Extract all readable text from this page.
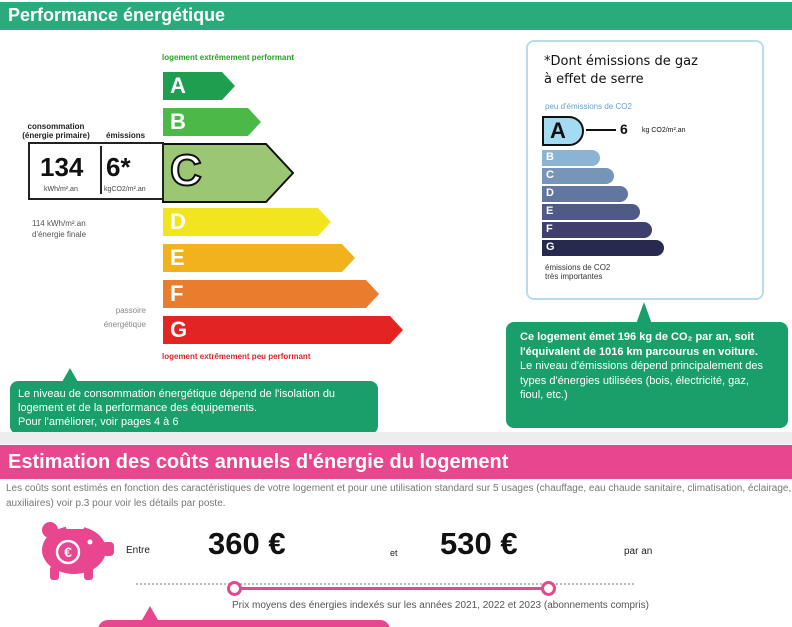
Performance énergétique
logement extrêmement performant
A
B
C
D
E
F
G
logement extrêmement peu performant
consommation
(énergie primaire)	émissions
134 6*
kWh/m².an	kgCO2/m².an
114 kWh/m².an
d'énergie finale
passoire
énergétique
*Dont émissions de gaz
à effet de serre
peu d'émissions de CO2
A
B
C
D
E
F
G
6 kg CO2/m².an
émissions de CO2
très importantes
Le niveau de consommation énergétique dépend de l'isolation du logement et de la performance des équipements.
Pour l'améliorer, voir pages 4 à 6
Ce logement émet 196 kg de CO₂ par an, soit l'équivalent de 1016 km parcourus en voiture.
Le niveau d'émissions dépend principalement des types d'énergies utilisées (bois, électricité, gaz, fioul, etc.)
Estimation des coûts annuels d'énergie du logement
Les coûts sont estimés en fonction des caractéristiques de votre logement et pour une utilisation standard sur 5 usages (chauffage, eau chaude sanitaire, climatisation, éclairage, auxiliaires) voir p.3 pour voir les détails par poste.
€	Entre 360 €	et 530 €	par an
Prix moyens des énergies indexés sur les années 2021, 2022 et 2023 (abonnements compris)
